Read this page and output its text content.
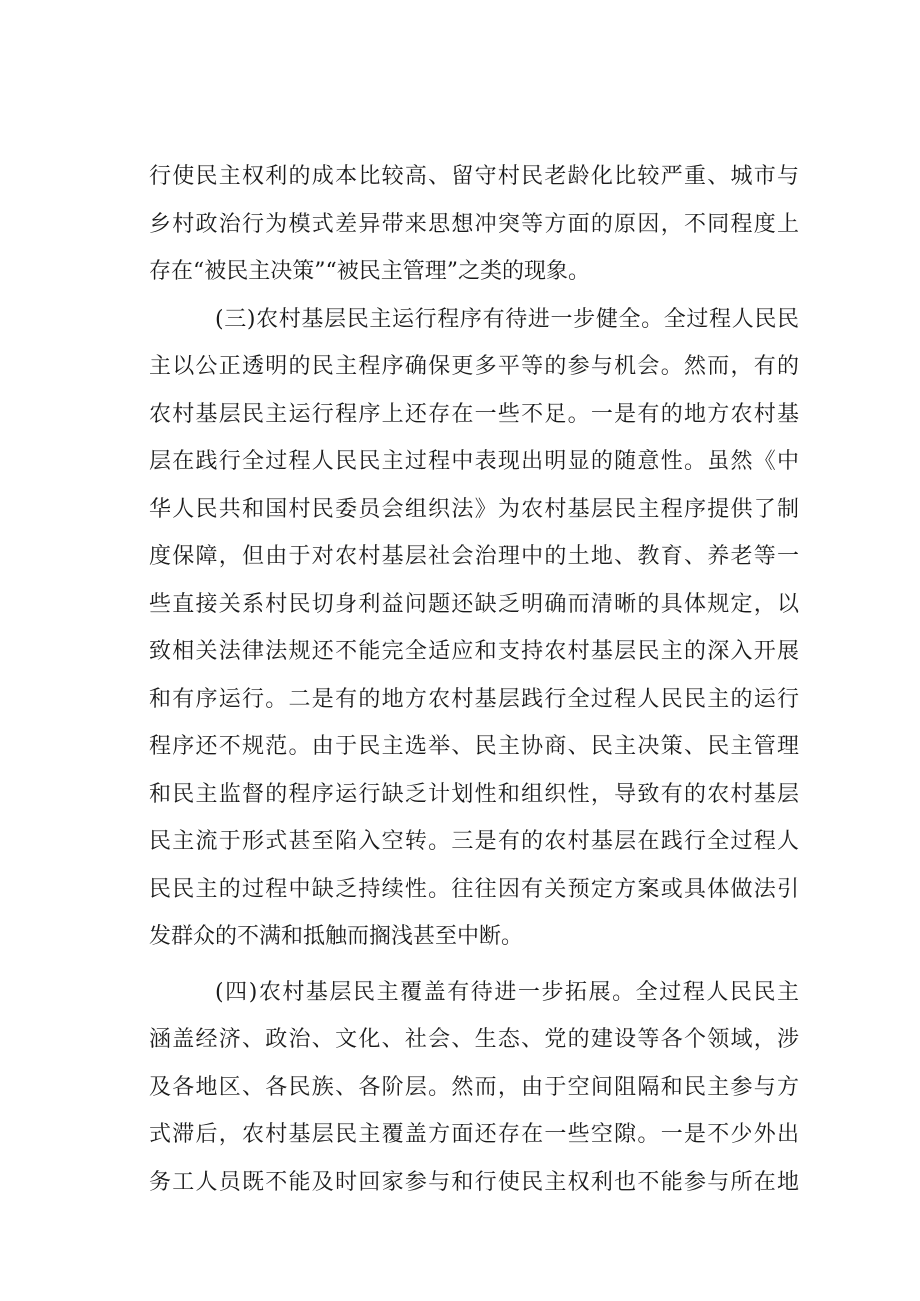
行使民主权利的成本比较高、留守村民老龄化比较严重、城市与
乡村政治行为模式差异带来思想冲突等方面的原因，不同程度上
存在“被民主决策”“被民主管理”之类的现象。
(三)农村基层民主运行程序有待进一步健全。全过程人民民
主以公正透明的民主程序确保更多平等的参与机会。然而，有的
农村基层民主运行程序上还存在一些不足。一是有的地方农村基
层在践行全过程人民民主过程中表现出明显的随意性。虽然《中
华人民共和国村民委员会组织法》为农村基层民主程序提供了制
度保障，但由于对农村基层社会治理中的土地、教育、养老等一
些直接关系村民切身利益问题还缺乏明确而清晰的具体规定，以
致相关法律法规还不能完全适应和支持农村基层民主的深入开展
和有序运行。二是有的地方农村基层践行全过程人民民主的运行
程序还不规范。由于民主选举、民主协商、民主决策、民主管理
和民主监督的程序运行缺乏计划性和组织性，导致有的农村基层
民主流于形式甚至陷入空转。三是有的农村基层在践行全过程人
民民主的过程中缺乏持续性。往往因有关预定方案或具体做法引
发群众的不满和抵触而搁浅甚至中断。
(四)农村基层民主覆盖有待进一步拓展。全过程人民民主
涵盖经济、政治、文化、社会、生态、党的建设等各个领域，涉
及各地区、各民族、各阶层。然而，由于空间阻隔和民主参与方
式滞后，农村基层民主覆盖方面还存在一些空隙。一是不少外出
务工人员既不能及时回家参与和行使民主权利也不能参与所在地
